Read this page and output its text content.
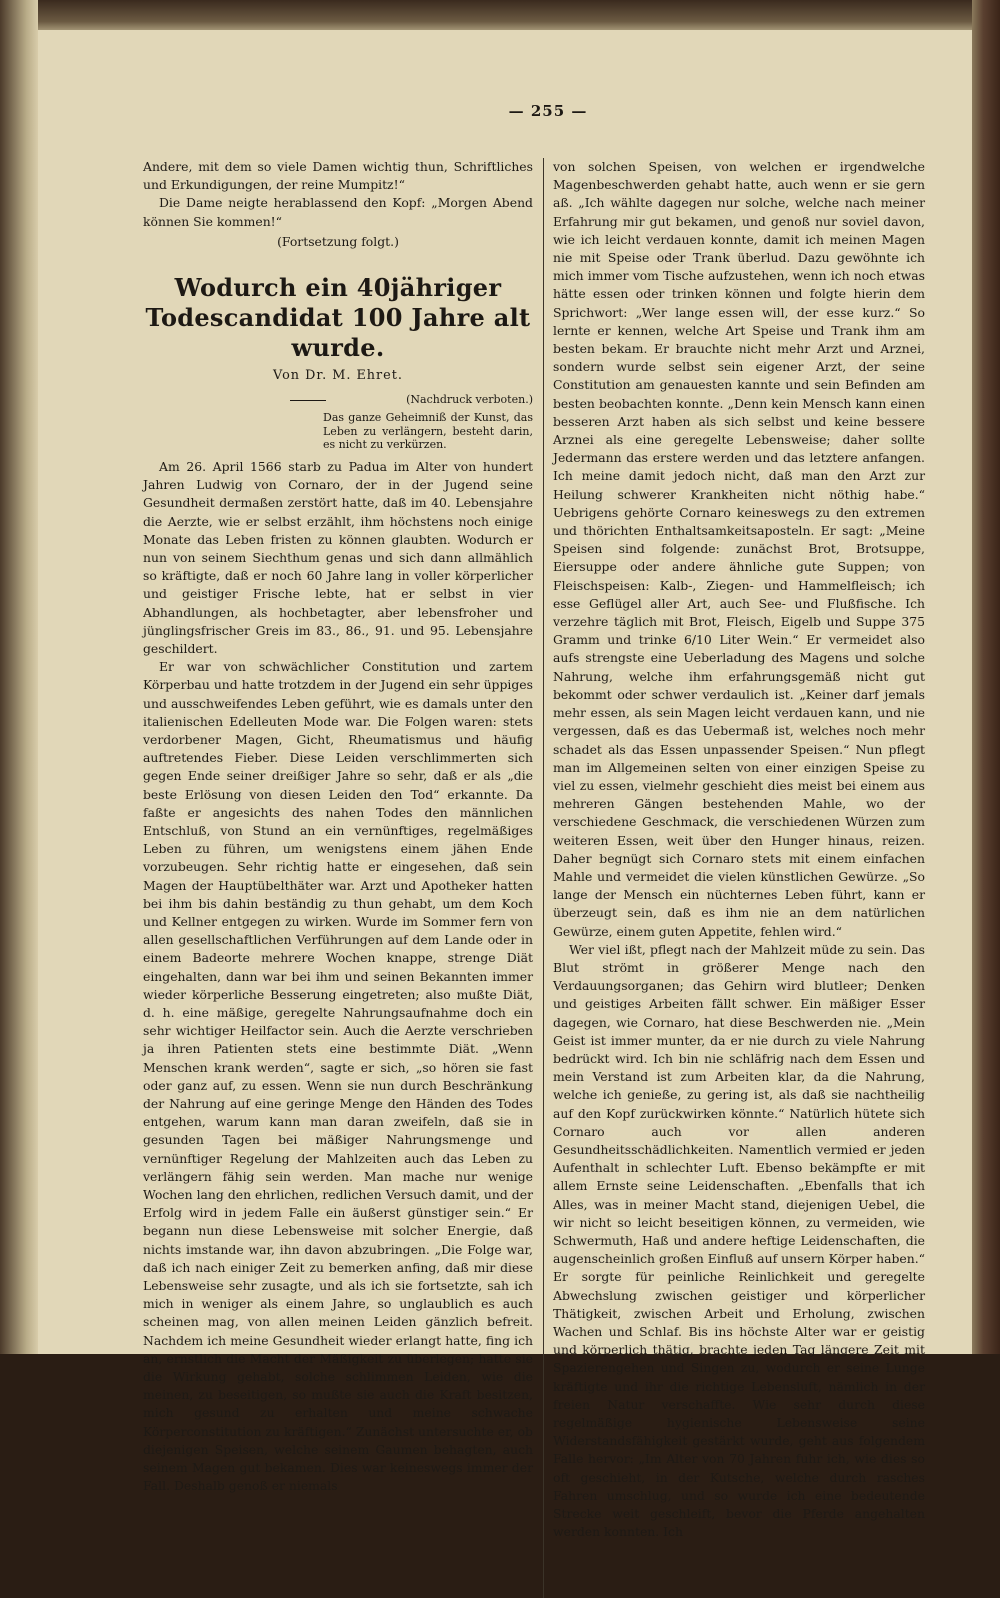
— 255 —

Andere, mit dem so viele Damen wichtig thun, Schriftliches und Erkundigungen, der reine Mumpitz!“

Die Dame neigte herablassend den Kopf: „Morgen Abend können Sie kommen!“

(Fortsetzung folgt.)

Wodurch ein 40jähriger Todescandidat 100 Jahre alt wurde.
Von Dr. M. Ehret.
(Nachdruck verboten.)
Das ganze Geheimniß der Kunst, das Leben zu verlängern, besteht darin, es nicht zu verkürzen.

Am 26. April 1566 starb zu Padua im Alter von hundert Jahren Ludwig von Cornaro, der in der Jugend seine Gesundheit dermaßen zerstört hatte, daß im 40. Lebensjahre die Aerzte, wie er selbst erzählt, ihm höchstens noch einige Monate das Leben fristen zu können glaubten. Wodurch er nun von seinem Siechthum genas und sich dann allmählich so kräftigte, daß er noch 60 Jahre lang in voller körperlicher und geistiger Frische lebte, hat er selbst in vier Abhandlungen, als hochbetagter, aber lebensfroher und jünglingsfrischer Greis im 83., 86., 91. und 95. Lebensjahre geschildert.

Er war von schwächlicher Constitution und zartem Körperbau und hatte trotzdem in der Jugend ein sehr üppiges und ausschweifendes Leben geführt, wie es damals unter den italienischen Edelleuten Mode war. Die Folgen waren: stets verdorbener Magen, Gicht, Rheumatismus und häufig auftretendes Fieber. Diese Leiden verschlimmerten sich gegen Ende seiner dreißiger Jahre so sehr, daß er als „die beste Erlösung von diesen Leiden den Tod“ erkannte. Da faßte er angesichts des nahen Todes den männlichen Entschluß, von Stund an ein vernünftiges, regelmäßiges Leben zu führen, um wenigstens einem jähen Ende vorzubeugen. Sehr richtig hatte er eingesehen, daß sein Magen der Hauptübelthäter war. Arzt und Apotheker hatten bei ihm bis dahin beständig zu thun gehabt, um dem Koch und Kellner entgegen zu wirken. Wurde im Sommer fern von allen gesellschaftlichen Verführungen auf dem Lande oder in einem Badeorte mehrere Wochen knappe, strenge Diät eingehalten, dann war bei ihm und seinen Bekannten immer wieder körperliche Besserung eingetreten; also mußte Diät, d. h. eine mäßige, geregelte Nahrungsaufnahme doch ein sehr wichtiger Heilfactor sein. Auch die Aerzte verschrieben ja ihren Patienten stets eine bestimmte Diät. „Wenn Menschen krank werden“, sagte er sich, „so hören sie fast oder ganz auf, zu essen. Wenn sie nun durch Beschränkung der Nahrung auf eine geringe Menge den Händen des Todes entgehen, warum kann man daran zweifeln, daß sie in gesunden Tagen bei mäßiger Nahrungsmenge und vernünftiger Regelung der Mahlzeiten auch das Leben zu verlängern fähig sein werden. Man mache nur wenige Wochen lang den ehrlichen, redlichen Versuch damit, und der Erfolg wird in jedem Falle ein äußerst günstiger sein.“ Er begann nun diese Lebensweise mit solcher Energie, daß nichts imstande war, ihn davon abzubringen. „Die Folge war, daß ich nach einiger Zeit zu bemerken anfing, daß mir diese Lebensweise sehr zusagte, und als ich sie fortsetzte, sah ich mich in weniger als einem Jahre, so unglaublich es auch scheinen mag, von allen meinen Leiden gänzlich befreit. Nachdem ich meine Gesundheit wieder erlangt hatte, fing ich an, ernstlich die Macht der Mäßigkeit zu überlegen; hatte sie die Wirkung gehabt, solche schlimmen Leiden, wie die meinen, zu beseitigen, so mußte sie auch die Kraft besitzen, mich gesund zu erhalten und meine schwache Körperconstitution zu kräftigen.“ Zunächst untersuchte er, ob diejenigen Speisen, welche seinem Gaumen behagten, auch seinem Magen gut bekamen. Dies war keineswegs immer der Fall. Deshalb genoß er niemals

von solchen Speisen, von welchen er irgendwelche Magenbeschwerden gehabt hatte, auch wenn er sie gern aß. „Ich wählte dagegen nur solche, welche nach meiner Erfahrung mir gut bekamen, und genoß nur soviel davon, wie ich leicht verdauen konnte, damit ich meinen Magen nie mit Speise oder Trank überlud. Dazu gewöhnte ich mich immer vom Tische aufzustehen, wenn ich noch etwas hätte essen oder trinken können und folgte hierin dem Sprichwort: „Wer lange essen will, der esse kurz.“ So lernte er kennen, welche Art Speise und Trank ihm am besten bekam. Er brauchte nicht mehr Arzt und Arznei, sondern wurde selbst sein eigener Arzt, der seine Constitution am genauesten kannte und sein Befinden am besten beobachten konnte. „Denn kein Mensch kann einen besseren Arzt haben als sich selbst und keine bessere Arznei als eine geregelte Lebensweise; daher sollte Jedermann das erstere werden und das letztere anfangen. Ich meine damit jedoch nicht, daß man den Arzt zur Heilung schwerer Krankheiten nicht nöthig habe.“ Uebrigens gehörte Cornaro keineswegs zu den extremen und thörichten Enthaltsamkeitsaposteln. Er sagt: „Meine Speisen sind folgende: zunächst Brot, Brotsuppe, Eiersuppe oder andere ähnliche gute Suppen; von Fleischspeisen: Kalb-, Ziegen- und Hammelfleisch; ich esse Geflügel aller Art, auch See- und Flußfische. Ich verzehre täglich mit Brot, Fleisch, Eigelb und Suppe 375 Gramm und trinke 6/10 Liter Wein.“ Er vermeidet also aufs strengste eine Ueberladung des Magens und solche Nahrung, welche ihm erfahrungsgemäß nicht gut bekommt oder schwer verdaulich ist. „Keiner darf jemals mehr essen, als sein Magen leicht verdauen kann, und nie vergessen, daß es das Uebermaß ist, welches noch mehr schadet als das Essen unpassender Speisen.“ Nun pflegt man im Allgemeinen selten von einer einzigen Speise zu viel zu essen, vielmehr geschieht dies meist bei einem aus mehreren Gängen bestehenden Mahle, wo der verschiedene Geschmack, die verschiedenen Würzen zum weiteren Essen, weit über den Hunger hinaus, reizen. Daher begnügt sich Cornaro stets mit einem einfachen Mahle und vermeidet die vielen künstlichen Gewürze. „So lange der Mensch ein nüchternes Leben führt, kann er überzeugt sein, daß es ihm nie an dem natürlichen Gewürze, einem guten Appetite, fehlen wird.“

Wer viel ißt, pflegt nach der Mahlzeit müde zu sein. Das Blut strömt in größerer Menge nach den Verdauungsorganen; das Gehirn wird blutleer; Denken und geistiges Arbeiten fällt schwer. Ein mäßiger Esser dagegen, wie Cornaro, hat diese Beschwerden nie. „Mein Geist ist immer munter, da er nie durch zu viele Nahrung bedrückt wird. Ich bin nie schläfrig nach dem Essen und mein Verstand ist zum Arbeiten klar, da die Nahrung, welche ich genieße, zu gering ist, als daß sie nachtheilig auf den Kopf zurückwirken könnte.“ Natürlich hütete sich Cornaro auch vor allen anderen Gesundheitsschädlichkeiten. Namentlich vermied er jeden Aufenthalt in schlechter Luft. Ebenso bekämpfte er mit allem Ernste seine Leidenschaften. „Ebenfalls that ich Alles, was in meiner Macht stand, diejenigen Uebel, die wir nicht so leicht beseitigen können, zu vermeiden, wie Schwermuth, Haß und andere heftige Leidenschaften, die augenscheinlich großen Einfluß auf unsern Körper haben.“ Er sorgte für peinliche Reinlichkeit und geregelte Abwechslung zwischen geistiger und körperlicher Thätigkeit, zwischen Arbeit und Erholung, zwischen Wachen und Schlaf. Bis ins höchste Alter war er geistig und körperlich thätig, brachte jeden Tag längere Zeit mit Spazierengehen und Singen zu, wodurch er seine Lunge kräftigte und ihr die richtige Lebensluft, nämlich in der freien Natur verschaffte. Wie sehr durch diese regelmäßige hygienische Lebensweise seine Widerstandsfähigkeit gestärkt wurde, geht aus folgendem Falle hervor: „Im Alter von 70 Jahren fuhr ich, wie dies so oft geschieht, in der Kutsche, welche durch rasches Fahren umschlug, und so wurde ich eine bedeutende Strecke weit geschleift, bevor die Pferde angehalten werden konnten. Ich
